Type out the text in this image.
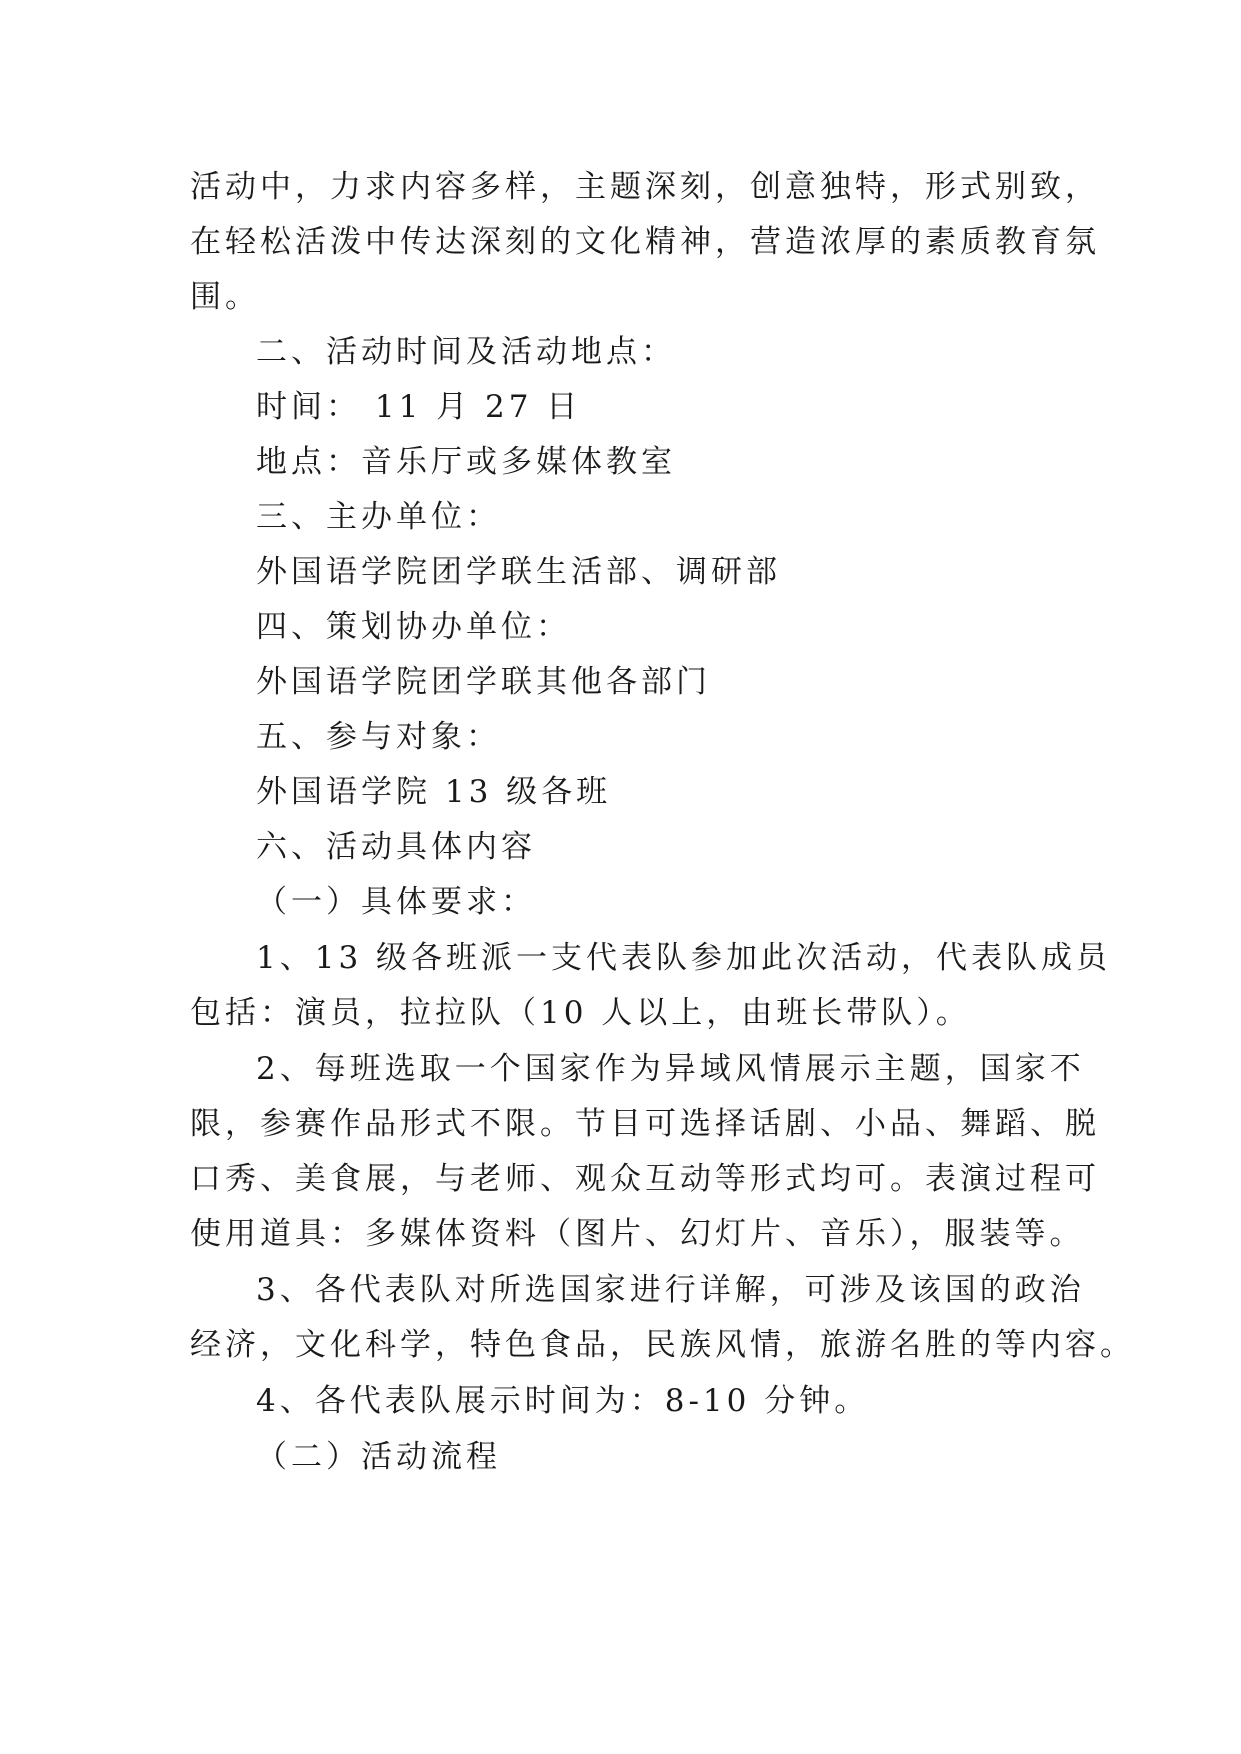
活动中，力求内容多样，主题深刻，创意独特，形式别致，
在轻松活泼中传达深刻的文化精神，营造浓厚的素质教育氛
围。
二、活动时间及活动地点：
时间： 11 月 27 日
地点：音乐厅或多媒体教室
三、主办单位：
外国语学院团学联生活部、调研部
四、策划协办单位：
外国语学院团学联其他各部门
五、参与对象：
外国语学院 13 级各班
六、活动具体内容
（一）具体要求：
1、13 级各班派一支代表队参加此次活动，代表队成员
包括：演员，拉拉队（10 人以上，由班长带队）。
2、每班选取一个国家作为异域风情展示主题，国家不
限，参赛作品形式不限。节目可选择话剧、小品、舞蹈、脱
口秀、美食展，与老师、观众互动等形式均可。表演过程可
使用道具：多媒体资料（图片、幻灯片、音乐），服装等。
3、各代表队对所选国家进行详解，可涉及该国的政治
经济，文化科学，特色食品，民族风情，旅游名胜的等内容。
4、各代表队展示时间为：8-10 分钟。
（二）活动流程
